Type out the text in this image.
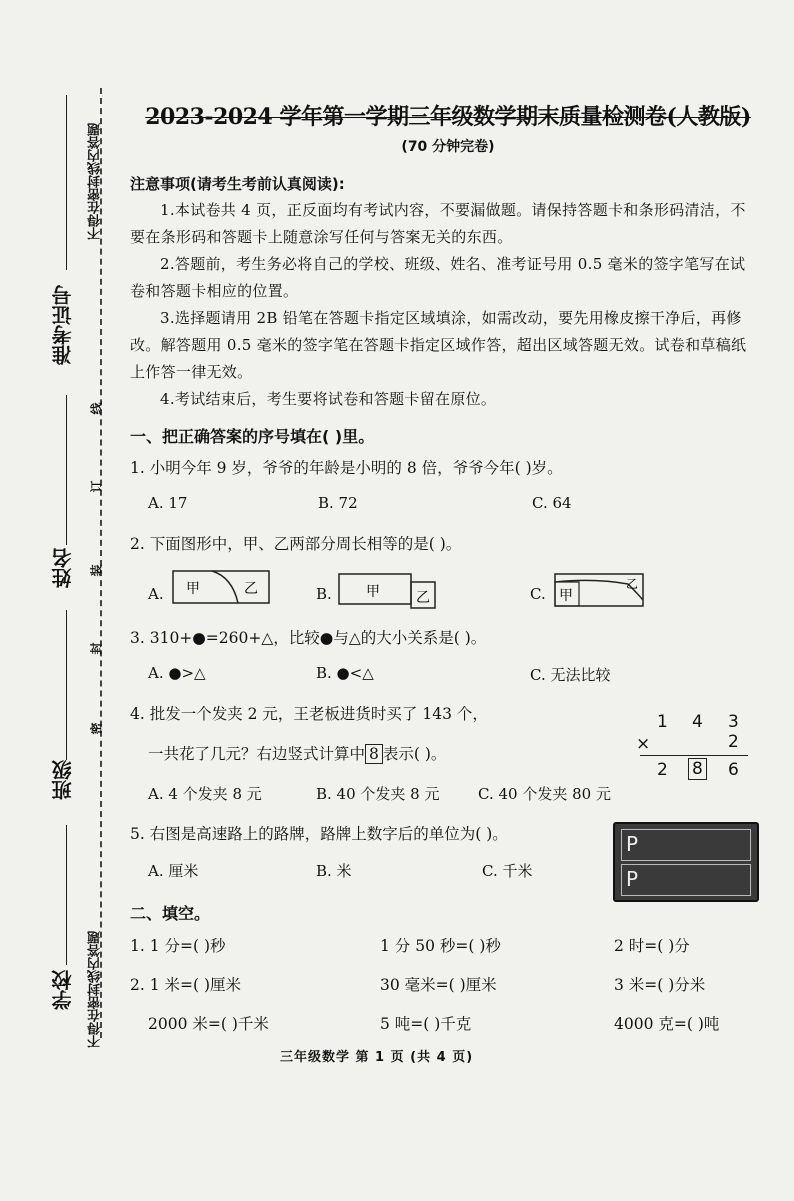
不得在密封线内答题
不得在密封线内答题
准考证号
姓名
班级
学校
线
订
装
封
密
2023-2024 学年第一学期三年级数学期末质量检测卷(人教版)
(70 分钟完卷)
注意事项(请考生考前认真阅读):
1.本试卷共 4 页，正反面均有考试内容，不要漏做题。请保持答题卡和条形码清洁，不要在条形码和答题卡上随意涂写任何与答案无关的东西。
2.答题前，考生务必将自己的学校、班级、姓名、准考证号用 0.5 毫米的签字笔写在试卷和答题卡相应的位置。
3.选择题请用 2B 铅笔在答题卡指定区域填涂，如需改动，要先用橡皮擦干净后，再修改。解答题用 0.5 毫米的签字笔在答题卡指定区域作答，超出区域答题无效。试卷和草稿纸上作答一律无效。
4.考试结束后，考生要将试卷和答题卡留在原位。
一、把正确答案的序号填在( )里。
1. 小明今年 9 岁，爷爷的年龄是小明的 8 倍，爷爷今年( )岁。
A. 17	B. 72	C. 64
2. 下面图形中，甲、乙两部分周长相等的是( )。
A. 甲	乙	B. 甲	乙	C. 甲
乙
3. 310+●=260+△，比较●与△的大小关系是( )。
A. ●>△	B. ●<△	C. 无法比较
4. 批发一个发夹 2 元，王老板进货时买了 143 个，
一共花了几元？右边竖式计算中 8 表示( )。
A. 4 个发夹 8 元	B. 40 个发夹 8 元	C. 40 个发夹 80 元
1 4 3
×	2
2 8 6
5. 右图是高速路上的路牌，路牌上数字后的单位为( )。
A. 厘米	B. 米	C. 千米
P
P
二、填空。
1. 1 分=( )秒	1 分 50 秒=( )秒	2 时=( )分
2. 1 米=( )厘米	30 毫米=( )厘米	3 米=( )分米
2000 米=( )千米	5 吨=( )千克	4000 克=( )吨
三年级数学 第 1 页 (共 4 页)
